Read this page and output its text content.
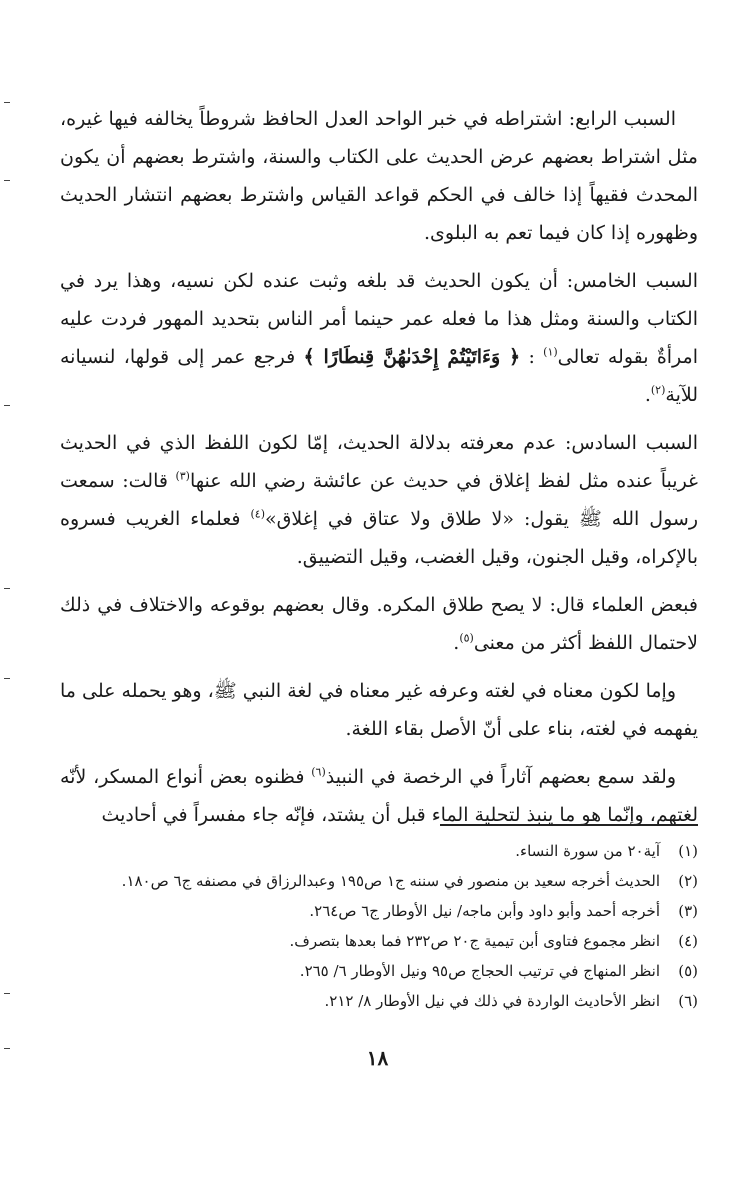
السبب الرابع: اشتراطه في خبر الواحد العدل الحافظ شروطاً يخالفه فيها غيره، مثل اشتراط بعضهم عرض الحديث على الكتاب والسنة، واشترط بعضهم أن يكون المحدث فقيهاً إذا خالف في الحكم قواعد القياس واشترط بعضهم انتشار الحديث وظهوره إذا كان فيما تعم به البلوى.

السبب الخامس: أن يكون الحديث قد بلغه وثبت عنده لكن نسيه، وهذا يرد في الكتاب والسنة ومثل هذا ما فعله عمر حينما أمر الناس بتحديد المهور فردت عليه امرأةٌ بقوله تعالى$^{(١)}$ : ﴿ وَءَاتَيْتُمْ إِحْدَىٰهُنَّ قِنطَارًا ﴾ فرجع عمر إلى قولها، لنسيانه للآية$^{(٢)}$.

السبب السادس: عدم معرفته بدلالة الحديث، إمّا لكون اللفظ الذي في الحديث غريباً عنده مثل لفظ إغلاق في حديث عن عائشة رضي الله عنها$^{(٣)}$ قالت: سمعت رسول الله ﷺ يقول: «لا طلاق ولا عتاق في إغلاق»$^{(٤)}$ فعلماء الغريب فسروه بالإكراه، وقيل الجنون، وقيل الغضب، وقيل التضييق.

فبعض العلماء قال: لا يصح طلاق المكره. وقال بعضهم بوقوعه والاختلاف في ذلك لاحتمال اللفظ أكثر من معنى$^{(٥)}$.

وإما لكون معناه في لغته وعرفه غير معناه في لغة النبي ﷺ، وهو يحمله على ما يفهمه في لغته، بناء على أنّ الأصل بقاء اللغة.

ولقد سمع بعضهم آثاراً في الرخصة في النبيذ$^{(٦)}$ فظنوه بعض أنواع المسكر، لأنّه لغتهم، وإنّما هو ما ينبذ لتحلية الماء قبل أن يشتد، فإنّه جاء مفسراً في أحاديث

(١)
آية٢٠ من سورة النساء.
(٢)
الحديث أخرجه سعيد بن منصور في سننه ج١ ص١٩٥ وعبدالرزاق في مصنفه ج٦ ص١٨٠.
(٣)
أخرجه أحمد وأبو داود وأبن ماجه/ نيل الأوطار ج٦ ص٢٦٤.
(٤)
انظر مجموع فتاوى أبن تيمية ج٢٠ ص٢٣٢ فما بعدها بتصرف.
(٥)
انظر المنهاج في ترتيب الحجاج ص٩٥ ونيل الأوطار ٦/ ٢٦٥.
(٦)
انظر الأحاديث الواردة في ذلك في نيل الأوطار ٨/ ٢١٢.
١٨
